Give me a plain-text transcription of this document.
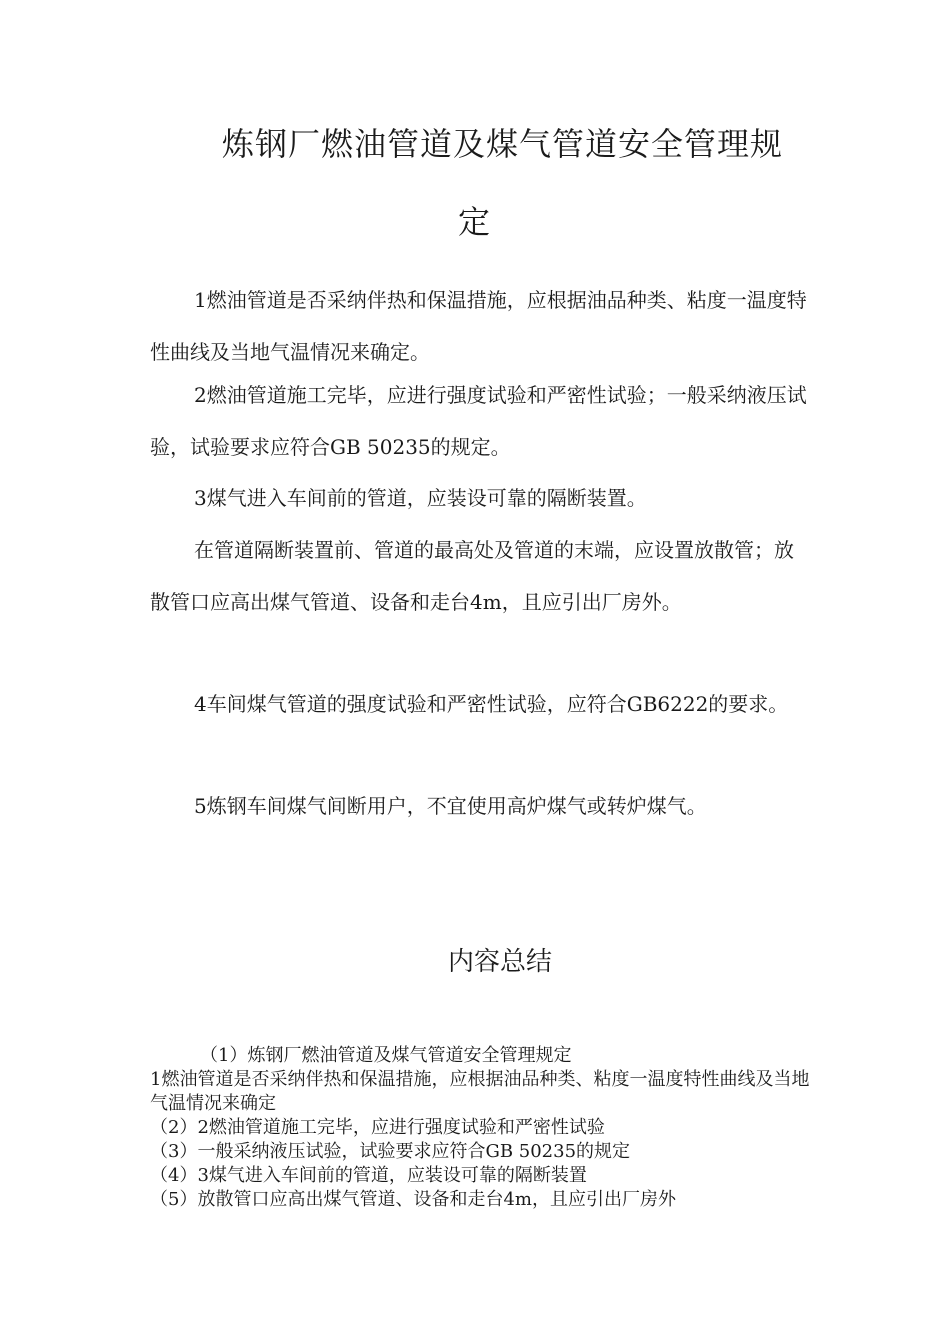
炼钢厂燃油管道及煤气管道安全管理规
定

1燃油管道是否采纳伴热和保温措施，应根据油品种类、粘度一温度特性曲线及当地气温情况来确定。

2燃油管道施工完毕，应进行强度试验和严密性试验；一般采纳液压试验，试验要求应符合GB 50235的规定。

3煤气进入车间前的管道，应装设可靠的隔断装置。

在管道隔断装置前、管道的最高处及管道的末端，应设置放散管；放散管口应高出煤气管道、设备和走台4m，且应引出厂房外。

4车间煤气管道的强度试验和严密性试验，应符合GB6222的要求。

5炼钢车间煤气间断用户，不宜使用高炉煤气或转炉煤气。

内容总结
（1）炼钢厂燃油管道及煤气管道安全管理规定
1燃油管道是否采纳伴热和保温措施，应根据油品种类、粘度一温度特性曲线及当地气温情况来确定
（2）2燃油管道施工完毕，应进行强度试验和严密性试验
（3）一般采纳液压试验，试验要求应符合GB 50235的规定
（4）3煤气进入车间前的管道，应装设可靠的隔断装置
（5）放散管口应高出煤气管道、设备和走台4m，且应引出厂房外
